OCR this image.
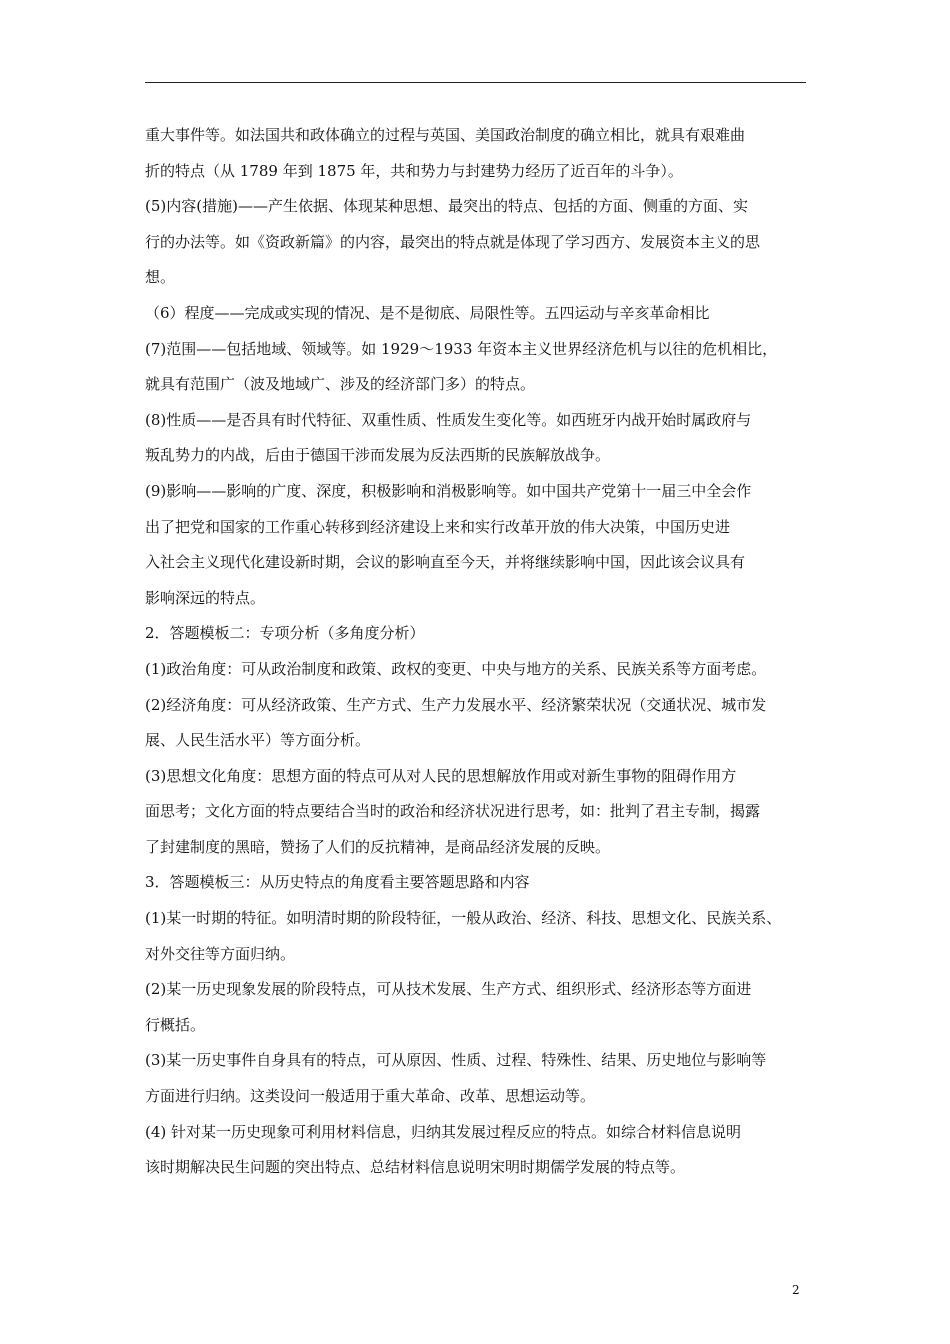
重大事件等。如法国共和政体确立的过程与英国、美国政治制度的确立相比，就具有艰难曲
折的特点（从 1789 年到 1875 年，共和势力与封建势力经历了近百年的斗争）。
(5)内容(措施)——产生依据、体现某种思想、最突出的特点、包括的方面、侧重的方面、实
行的办法等。如《资政新篇》的内容，最突出的特点就是体现了学习西方、发展资本主义的思
想。
（6）程度——完成或实现的情况、是不是彻底、局限性等。五四运动与辛亥革命相比
(7)范围——包括地域、领域等。如 1929～1933 年资本主义世界经济危机与以往的危机相比，
就具有范围广（波及地域广、涉及的经济部门多）的特点。
(8)性质——是否具有时代特征、双重性质、性质发生变化等。如西班牙内战开始时属政府与
叛乱势力的内战，后由于德国干涉而发展为反法西斯的民族解放战争。
(9)影响——影响的广度、深度，积极影响和消极影响等。如中国共产党第十一届三中全会作
出了把党和国家的工作重心转移到经济建设上来和实行改革开放的伟大决策，中国历史进
入社会主义现代化建设新时期，会议的影响直至今天，并将继续影响中国，因此该会议具有
影响深远的特点。
2．答题模板二：专项分析（多角度分析）
(1)政治角度：可从政治制度和政策、政权的变更、中央与地方的关系、民族关系等方面考虑。
(2)经济角度：可从经济政策、生产方式、生产力发展水平、经济繁荣状况（交通状况、城市发
展、人民生活水平）等方面分析。
(3)思想文化角度：思想方面的特点可从对人民的思想解放作用或对新生事物的阻碍作用方
面思考；文化方面的特点要结合当时的政治和经济状况进行思考，如：批判了君主专制，揭露
了封建制度的黑暗，赞扬了人们的反抗精神，是商品经济发展的反映。
3．答题模板三：从历史特点的角度看主要答题思路和内容
(1)某一时期的特征。如明清时期的阶段特征，一般从政治、经济、科技、思想文化、民族关系、
对外交往等方面归纳。
(2)某一历史现象发展的阶段特点，可从技术发展、生产方式、组织形式、经济形态等方面进
行概括。
(3)某一历史事件自身具有的特点，可从原因、性质、过程、特殊性、结果、历史地位与影响等
方面进行归纳。这类设问一般适用于重大革命、改革、思想运动等。
(4) 针对某一历史现象可利用材料信息，归纳其发展过程反应的特点。如综合材料信息说明
该时期解决民生问题的突出特点、总结材料信息说明宋明时期儒学发展的特点等。
2
